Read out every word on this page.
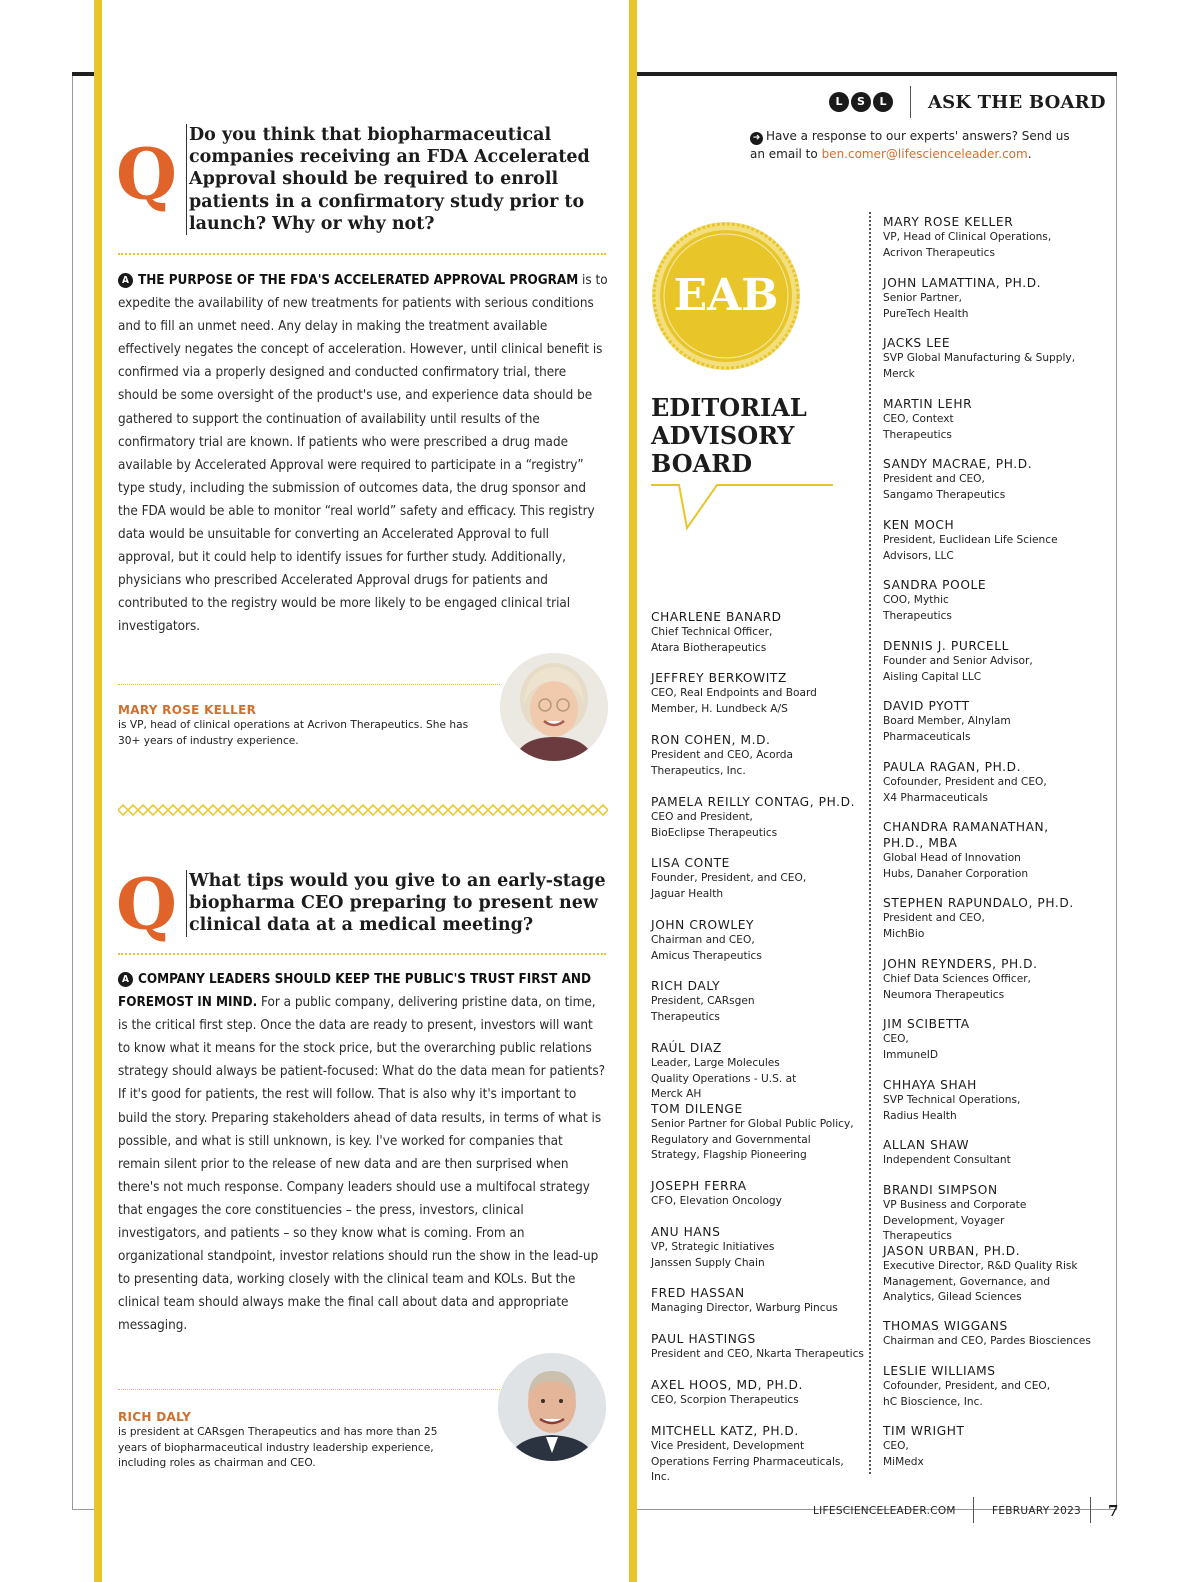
Q Do you think that biopharmaceutical companies receiving an FDA Accelerated Approval should be required to enroll patients in a confirmatory study prior to launch? Why or why not?
A THE PURPOSE OF THE FDA'S ACCELERATED APPROVAL PROGRAM is to expedite the availability of new treatments for patients with serious conditions and to fill an unmet need. Any delay in making the treatment available effectively negates the concept of acceleration. However, until clinical benefit is confirmed via a properly designed and conducted confirmatory trial, there should be some oversight of the product's use, and experience data should be gathered to support the continuation of availability until results of the confirmatory trial are known. If patients who were prescribed a drug made available by Accelerated Approval were required to participate in a “registry” type study, including the submission of outcomes data, the drug sponsor and the FDA would be able to monitor “real world” safety and efficacy. This registry data would be unsuitable for converting an Accelerated Approval to full approval, but it could help to identify issues for further study. Additionally, physicians who prescribed Accelerated Approval drugs for patients and contributed to the registry would be more likely to be engaged clinical trial investigators.
MARY ROSE KELLER
is VP, head of clinical operations at Acrivon Therapeutics. She has 30+ years of industry experience.
Q What tips would you give to an early-stage biopharma CEO preparing to present new clinical data at a medical meeting?
A COMPANY LEADERS SHOULD KEEP THE PUBLIC'S TRUST FIRST AND FOREMOST IN MIND. For a public company, delivering pristine data, on time, is the critical first step. Once the data are ready to present, investors will want to know what it means for the stock price, but the overarching public relations strategy should always be patient-focused: What do the data mean for patients? If it's good for patients, the rest will follow. That is also why it's important to build the story. Preparing stakeholders ahead of data results, in terms of what is possible, and what is still unknown, is key. I've worked for companies that remain silent prior to the release of new data and are then surprised when there's not much response. Company leaders should use a multifocal strategy that engages the core constituencies – the press, investors, clinical investigators, and patients – so they know what is coming. From an organizational standpoint, investor relations should run the show in the lead-up to presenting data, working closely with the clinical team and KOLs. But the clinical team should always make the final call about data and appropriate messaging.
RICH DALY
is president at CARsgen Therapeutics and has more than 25 years of biopharmaceutical industry leadership experience, including roles as chairman and CEO.
L	S	L	ASK THE BOARD
➜ Have a response to our experts' answers? Send us an email to ben.comer@lifescienceleader.com.
EAB
EDITORIAL ADVISORY BOARD
CHARLENE BANARD
Chief Technical Officer, Atara Biotherapeutics
JEFFREY BERKOWITZ
CEO, Real Endpoints and Board Member, H. Lundbeck A/S
RON COHEN, M.D.
President and CEO, Acorda Therapeutics, Inc.
PAMELA REILLY CONTAG, PH.D.
CEO and President, BioEclipse Therapeutics
LISA CONTE
Founder, President, and CEO, Jaguar Health
JOHN CROWLEY
Chairman and CEO, Amicus Therapeutics
RICH DALY
President, CARsgen Therapeutics
RAÚL DIAZ
Leader, Large Molecules Quality Operations - U.S. at Merck AH
TOM DILENGE
Senior Partner for Global Public Policy, Regulatory and Governmental Strategy, Flagship Pioneering
JOSEPH FERRA
CFO, Elevation Oncology
ANU HANS
VP, Strategic Initiatives Janssen Supply Chain
FRED HASSAN
Managing Director, Warburg Pincus
PAUL HASTINGS
President and CEO, Nkarta Therapeutics
AXEL HOOS, MD, PH.D.
CEO, Scorpion Therapeutics
MITCHELL KATZ, PH.D.
Vice President, Development Operations Ferring Pharmaceuticals, Inc.
MARY ROSE KELLER
VP, Head of Clinical Operations, Acrivon Therapeutics
JOHN LAMATTINA, PH.D.
Senior Partner, PureTech Health
JACKS LEE
SVP Global Manufacturing & Supply, Merck
MARTIN LEHR
CEO, Context Therapeutics
SANDY MACRAE, PH.D.
President and CEO, Sangamo Therapeutics
KEN MOCH
President, Euclidean Life Science Advisors, LLC
SANDRA POOLE
COO, Mythic Therapeutics
DENNIS J. PURCELL
Founder and Senior Advisor, Aisling Capital LLC
DAVID PYOTT
Board Member, Alnylam Pharmaceuticals
PAULA RAGAN, PH.D.
Cofounder, President and CEO, X4 Pharmaceuticals
CHANDRA RAMANATHAN, PH.D., MBA
Global Head of Innovation Hubs, Danaher Corporation
STEPHEN RAPUNDALO, PH.D.
President and CEO, MichBio
JOHN REYNDERS, PH.D.
Chief Data Sciences Officer, Neumora Therapeutics
JIM SCIBETTA
CEO, ImmuneID
CHHAYA SHAH
SVP Technical Operations, Radius Health
ALLAN SHAW
Independent Consultant
BRANDI SIMPSON
VP Business and Corporate Development, Voyager Therapeutics
JASON URBAN, PH.D.
Executive Director, R&D Quality Risk Management, Governance, and Analytics, Gilead Sciences
THOMAS WIGGANS
Chairman and CEO, Pardes Biosciences
LESLIE WILLIAMS
Cofounder, President, and CEO, hC Bioscience, Inc.
TIM WRIGHT
CEO, MiMedx
LIFESCIENCELEADER.COM	FEBRUARY 2023 7
